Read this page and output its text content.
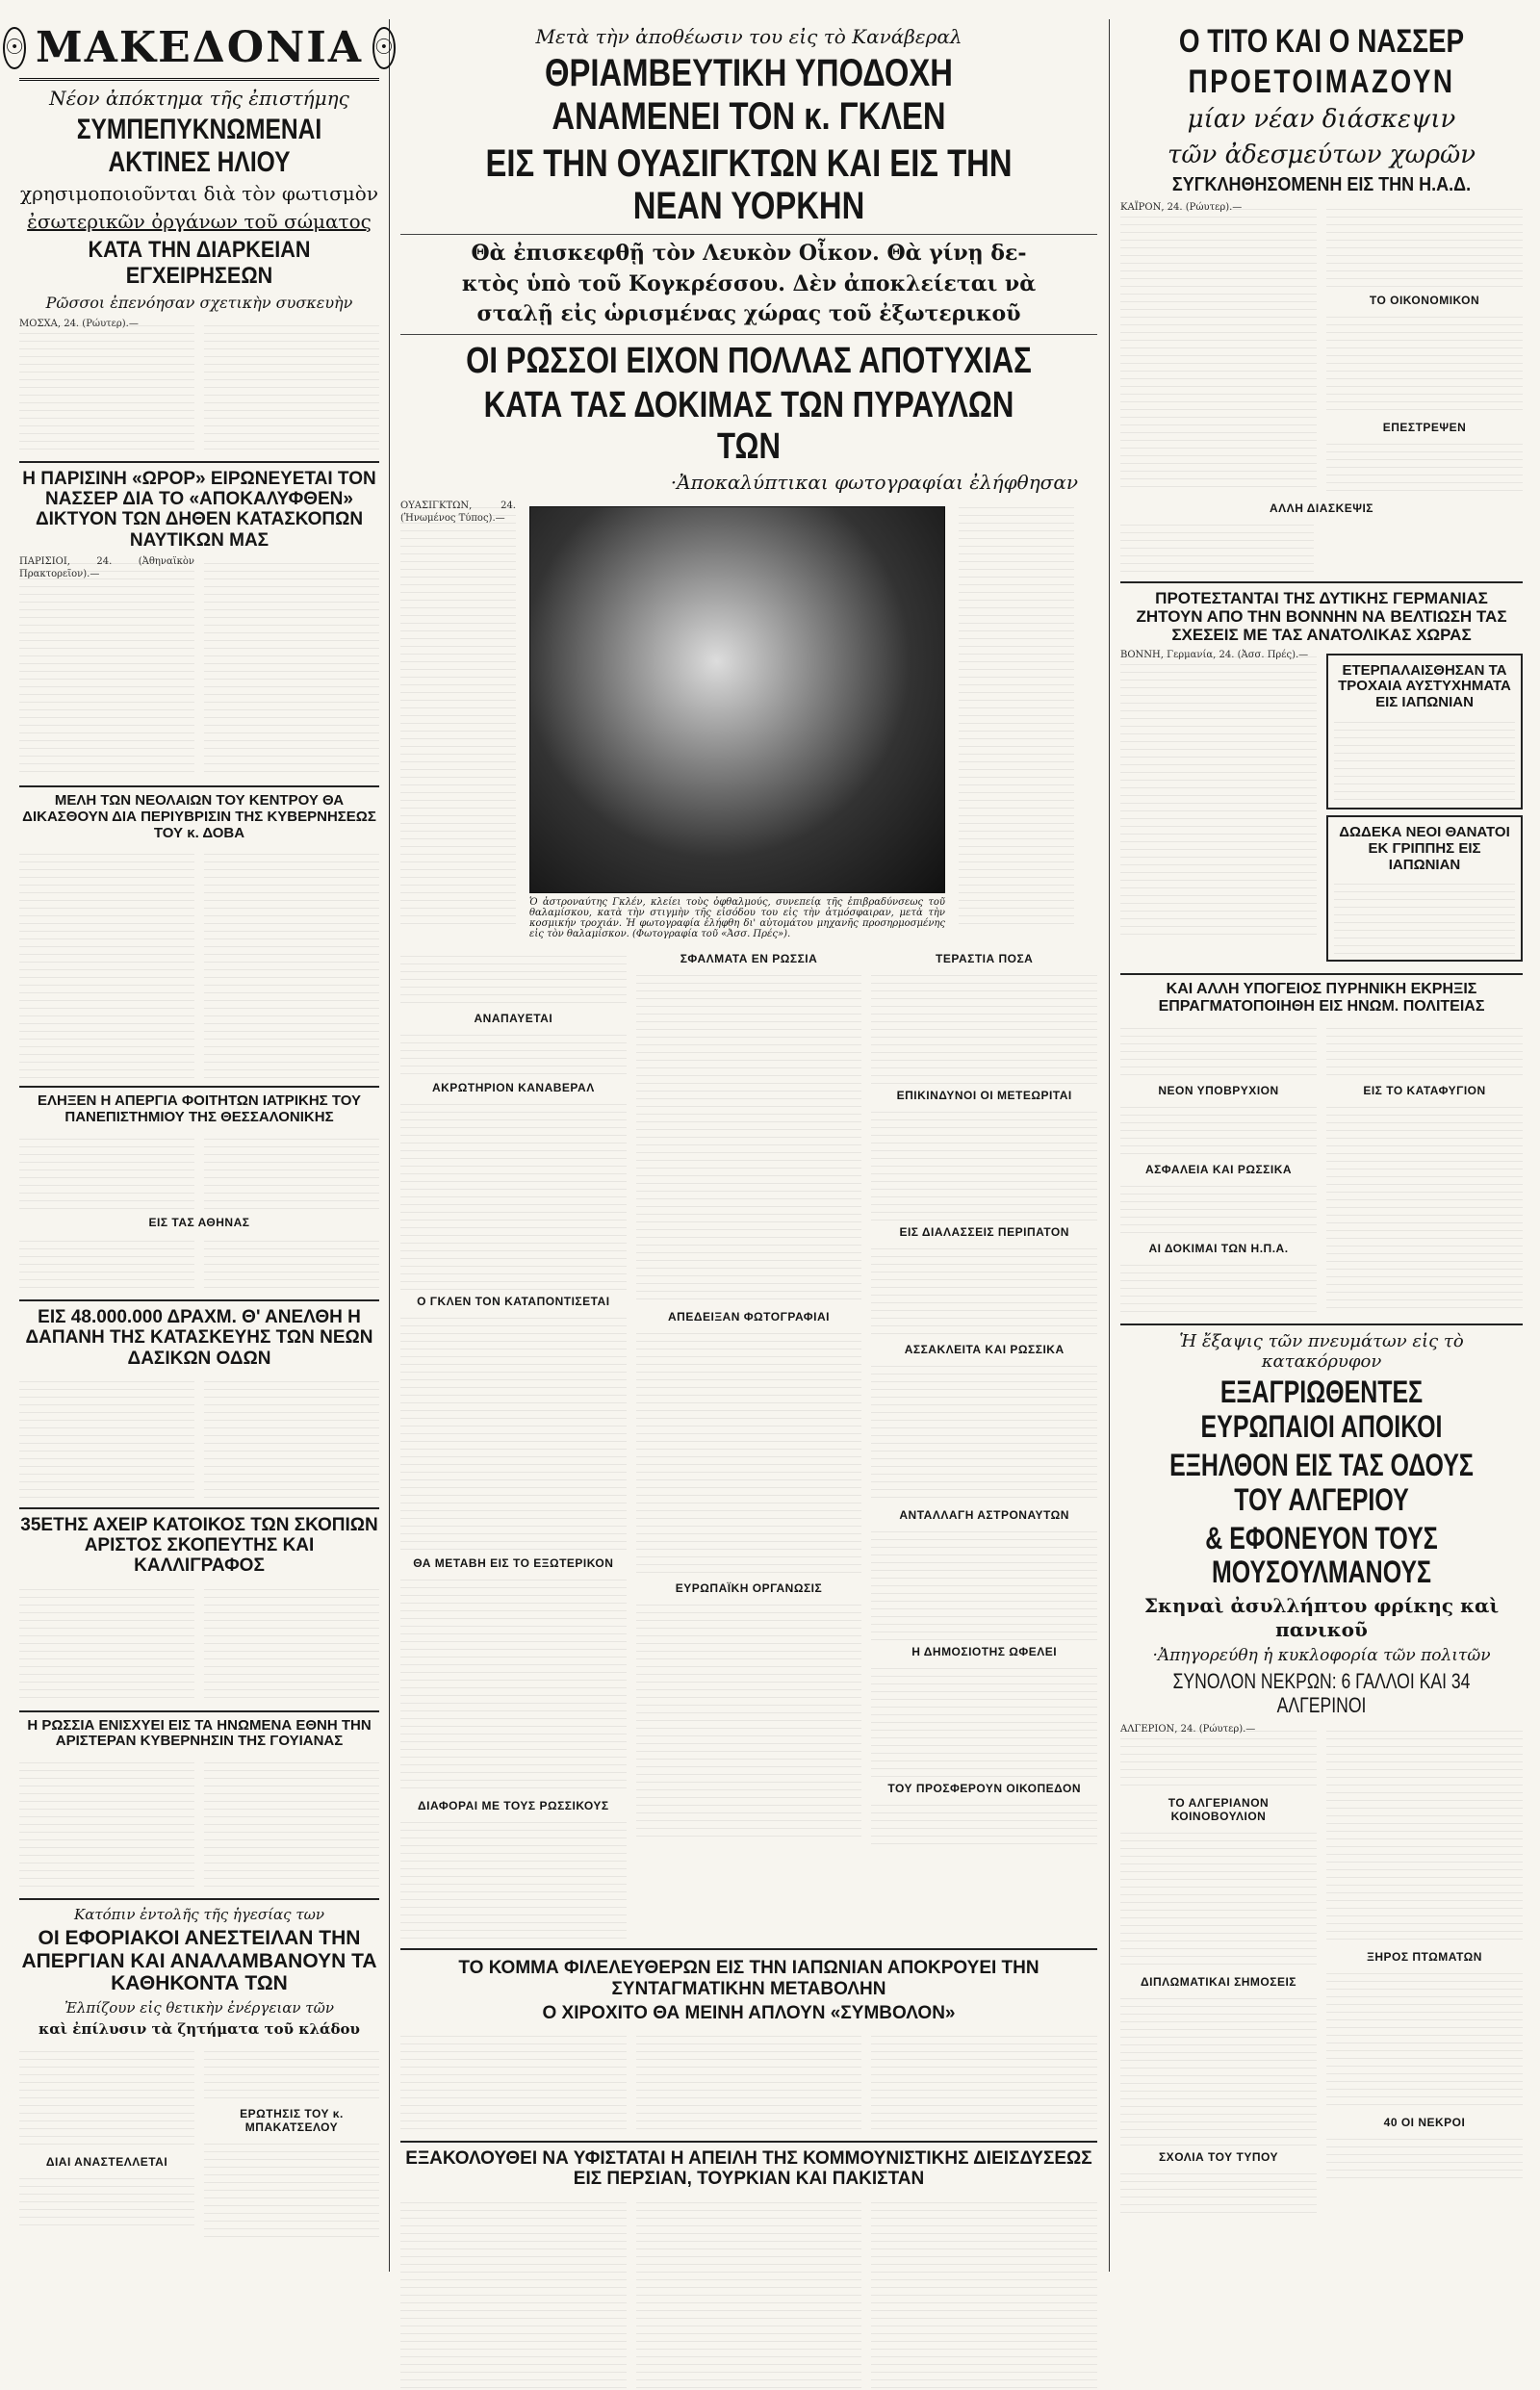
☉ ΜΑΚΕΔΟΝΙΑ ☉
Νέον ἀπόκτημα τῆς ἐπιστήμης
ΣΥΜΠΕΠΥΚΝΩΜΕΝΑΙ ΑΚΤΙΝΕΣ ΗΛΙΟΥ
χρησιμοποιοῦνται διὰ τὸν φωτισμὸν
ἐσωτερικῶν ὀργάνων τοῦ σώματος
ΚΑΤΑ ΤΗΝ ΔΙΑΡΚΕΙΑΝ ΕΓΧΕΙΡΗΣΕΩΝ
Ρῶσσοι ἐπενόησαν σχετικὴν συσκευὴν
ΜΟΣΧΑ, 24. (Ρώυτερ).—
Η ΠΑΡΙΣΙΝΗ «ΩΡΟΡ» ΕΙΡΩΝΕΥΕΤΑΙ ΤΟΝ ΝΑΣΣΕΡ ΔΙΑ ΤΟ «ΑΠΟΚΑΛΥΦΘΕΝ» ΔΙΚΤΥΟΝ ΤΩΝ ΔΗΘΕΝ ΚΑΤΑΣΚΟΠΩΝ ΝΑΥΤΙΚΩΝ ΜΑΣ
ΠΑΡΙΣΙΟΙ, 24. (Ἀθηναϊκὸν Πρακτορεῖον).—
ΜΕΛΗ ΤΩΝ ΝΕΟΛΑΙΩΝ ΤΟΥ ΚΕΝΤΡΟΥ ΘΑ ΔΙΚΑΣΘΟΥΝ ΔΙΑ ΠΕΡΙΥΒΡΙΣΙΝ ΤΗΣ ΚΥΒΕΡΝΗΣΕΩΣ ΤΟΥ κ. ΔΟΒΑ
ΕΛΗΞΕΝ Η ΑΠΕΡΓΙΑ ΦΟΙΤΗΤΩΝ ΙΑΤΡΙΚΗΣ ΤΟΥ ΠΑΝΕΠΙΣΤΗΜΙΟΥ ΤΗΣ ΘΕΣΣΑΛΟΝΙΚΗΣ
ΕΙΣ ΤΑΣ ΑΘΗΝΑΣ
ΕΙΣ 48.000.000 ΔΡΑΧΜ. Θ' ΑΝΕΛΘΗ Η ΔΑΠΑΝΗ ΤΗΣ ΚΑΤΑΣΚΕΥΗΣ ΤΩΝ ΝΕΩΝ ΔΑΣΙΚΩΝ ΟΔΩΝ
35ΕΤΗΣ ΑΧΕΙΡ ΚΑΤΟΙΚΟΣ ΤΩΝ ΣΚΟΠΙΩΝ ΑΡΙΣΤΟΣ ΣΚΟΠΕΥΤΗΣ ΚΑΙ ΚΑΛΛΙΓΡΑΦΟΣ
Η ΡΩΣΣΙΑ ΕΝΙΣΧΥΕΙ ΕΙΣ ΤΑ ΗΝΩΜΕΝΑ ΕΘΝΗ ΤΗΝ ΑΡΙΣΤΕΡΑΝ ΚΥΒΕΡΝΗΣΙΝ ΤΗΣ ΓΟΥΙΑΝΑΣ
Κατόπιν ἐντολῆς τῆς ἡγεσίας των
ΟΙ ΕΦΟΡΙΑΚΟΙ ΑΝΕΣΤΕΙΛΑΝ ΤΗΝ ΑΠΕΡΓΙΑΝ ΚΑΙ ΑΝΑΛΑΜΒΑΝΟΥΝ ΤΑ ΚΑΘΗΚΟΝΤΑ ΤΩΝ
Ἐλπίζουν εἰς θετικὴν ἐνέργειαν τῶν
καὶ ἐπίλυσιν τὰ ζητήματα τοῦ κλάδου
ΔΙΑΙ ΑΝΑΣΤΕΛΛΕΤΑΙ
ΕΡΩΤΗΣΙΣ ΤΟΥ κ. ΜΠΑΚΑΤΣΕΛΟΥ
Μετὰ τὴν ἀποθέωσιν του εἰς τὸ Κανάβεραλ
ΘΡΙΑΜΒΕΥΤΙΚΗ ΥΠΟΔΟΧΗ ΑΝΑΜΕΝΕΙ ΤΟΝ κ. ΓΚΛΕΝ
ΕΙΣ ΤΗΝ ΟΥΑΣΙΓΚΤΩΝ ΚΑΙ ΕΙΣ ΤΗΝ ΝΕΑΝ ΥΟΡΚΗΝ
Θὰ ἐπισκεφθῇ τὸν Λευκὸν Οἶκον. Θὰ γίνῃ δε-
κτὸς ὑπὸ τοῦ Κογκρέσσου. Δὲν ἀποκλείεται νὰ
σταλῇ εἰς ὡρισμένας χώρας τοῦ ἐξωτερικοῦ
ΟΙ ΡΩΣΣΟΙ ΕΙΧΟΝ ΠΟΛΛΑΣ ΑΠΟΤΥΧΙΑΣ
ΚΑΤΑ ΤΑΣ ΔΟΚΙΜΑΣ ΤΩΝ ΠΥΡΑΥΛΩΝ ΤΩΝ
·Ἀποκαλύπτικαι φωτογραφίαι ἐλήφθησαν
ΟΥΑΣΙΓΚΤΩΝ, 24. (Ἡνωμένος Τύπος).—
Ὁ ἀστροναύτης Γκλέν, κλείει τοὺς ὀφθαλμούς, συνεπείᾳ τῆς ἐπιβραδύνσεως τοῦ θαλαμίσκου, κατὰ τὴν στιγμὴν τῆς εἰσόδου του εἰς τὴν ἀτμόσφαιραν, μετὰ τὴν κοσμικήν τροχιάν. Ἡ φωτογραφία ἐλήφθη δι' αὐτομάτου μηχανῆς προσηρμοσμένης εἰς τὸν θαλαμίσκον. (Φωτογραφία τοῦ «Ἀσσ. Πρές»).
ΑΝΑΠΑΥΕΤΑΙ
ΑΚΡΩΤΗΡΙΟΝ ΚΑΝΑΒΕΡΑΛ
Ο ΓΚΛΕΝ ΤΟΝ ΚΑΤΑΠΟΝΤΙΣΕΤΑΙ
ΘΑ ΜΕΤΑΒΗ ΕΙΣ ΤΟ ΕΞΩΤΕΡΙΚΟΝ
ΔΙΑΦΟΡΑΙ ΜΕ ΤΟΥΣ ΡΩΣΣΙΚΟΥΣ
ΣΦΑΛΜΑΤΑ ΕΝ ΡΩΣΣΙΑ
ΑΠΕΔΕΙΞΑΝ ΦΩΤΟΓΡΑΦΙΑΙ
ΕΥΡΩΠΑΪΚΗ ΟΡΓΑΝΩΣΙΣ
ΤΕΡΑΣΤΙΑ ΠΟΣΑ
ΕΠΙΚΙΝΔΥΝΟΙ ΟΙ ΜΕΤΕΩΡΙΤΑΙ
ΕΙΣ ΔΙΑΛΑΣΣΕΙΣ ΠΕΡΙΠΑΤΟΝ
ΑΣΣΑΚΛΕΙΤΑ ΚΑΙ ΡΩΣΣΙΚΑ
ΑΝΤΑΛΛΑΓΗ ΑΣΤΡΟΝΑΥΤΩΝ
Η ΔΗΜΟΣΙΟΤΗΣ ΩΦΕΛΕΙ
ΤΟΥ ΠΡΟΣΦΕΡΟΥΝ ΟΙΚΟΠΕΔΟΝ
ΤΟ ΚΟΜΜΑ ΦΙΛΕΛΕΥΘΕΡΩΝ ΕΙΣ ΤΗΝ ΙΑΠΩΝΙΑΝ ΑΠΟΚΡΟΥΕΙ ΤΗΝ ΣΥΝΤΑΓΜΑΤΙΚΗΝ ΜΕΤΑΒΟΛΗΝ
Ο ΧΙΡΟΧΙΤΟ ΘΑ ΜΕΙΝΗ ΑΠΛΟΥΝ «ΣΥΜΒΟΛΟΝ»
ΕΞΑΚΟΛΟΥΘΕΙ ΝΑ ΥΦΙΣΤΑΤΑΙ Η ΑΠΕΙΛΗ ΤΗΣ ΚΟΜΜΟΥΝΙΣΤΙΚΗΣ ΔΙΕΙΣΔΥΣΕΩΣ ΕΙΣ ΠΕΡΣΙΑΝ, ΤΟΥΡΚΙΑΝ ΚΑΙ ΠΑΚΙΣΤΑΝ
Ο ΤΙΤΟ ΚΑΙ Ο ΝΑΣΣΕΡ
ΠΡΟΕΤΟΙΜΑΖΟΥΝ
μίαν νέαν διάσκεψιν
τῶν ἀδεσμεύτων χωρῶν
ΣΥΓΚΛΗΘΗΣΟΜΕΝΗ ΕΙΣ ΤΗΝ Η.Α.Δ.
ΚΑΪΡΟΝ, 24. (Ρώυτερ).—
ΤΟ ΟΙΚΟΝΟΜΙΚΟΝ
ΕΠΕΣΤΡΕΨΕΝ
ΑΛΛΗ ΔΙΑΣΚΕΨΙΣ
ΠΡΟΤΕΣΤΑΝΤΑΙ ΤΗΣ ΔΥΤΙΚΗΣ ΓΕΡΜΑΝΙΑΣ ΖΗΤΟΥΝ ΑΠΟ ΤΗΝ ΒΟΝΝΗΝ ΝΑ ΒΕΛΤΙΩΣΗ ΤΑΣ ΣΧΕΣΕΙΣ ΜΕ ΤΑΣ ΑΝΑΤΟΛΙΚΑΣ ΧΩΡΑΣ
ΒΟΝΝΗ, Γερμανία, 24. (Ἀσσ. Πρές).—
ΕΤΕΡΠΑΛΑΙΣΘΗΣΑΝ ΤΑ ΤΡΟΧΑΙΑ ΑΥΣΤΥΧΗΜΑΤΑ ΕΙΣ ΙΑΠΩΝΙΑΝ
ΔΩΔΕΚΑ ΝΕΟΙ ΘΑΝΑΤΟΙ ΕΚ ΓΡΙΠΠΗΣ ΕΙΣ ΙΑΠΩΝΙΑΝ
ΚΑΙ ΑΛΛΗ ΥΠΟΓΕΙΟΣ ΠΥΡΗΝΙΚΗ ΕΚΡΗΞΙΣ ΕΠΡΑΓΜΑΤΟΠΟΙΗΘΗ ΕΙΣ ΗΝΩΜ. ΠΟΛΙΤΕΙΑΣ
ΝΕΟΝ ΥΠΟΒΡΥΧΙΟΝ
ΑΣΦΑΛΕΙΑ ΚΑΙ ΡΩΣΣΙΚΑ
ΑΙ ΔΟΚΙΜΑΙ ΤΩΝ Η.Π.Α.
ΕΙΣ ΤΟ ΚΑΤΑΦΥΓΙΟΝ
Ἡ ἔξαψις τῶν πνευμάτων εἰς τὸ κατακόρυφον
ΕΞΑΓΡΙΩΘΕΝΤΕΣ ΕΥΡΩΠΑΙΟΙ ΑΠΟΙΚΟΙ
ΕΞΗΛΘΟΝ ΕΙΣ ΤΑΣ ΟΔΟΥΣ ΤΟΥ ΑΛΓΕΡΙΟΥ
& ΕΦΟΝΕΥΟΝ ΤΟΥΣ ΜΟΥΣΟΥΛΜΑΝΟΥΣ
Σκηναὶ ἀσυλλήπτου φρίκης καὶ πανικοῦ
·Ἀπηγορεύθη ἡ κυκλοφορία τῶν πολιτῶν
ΣΥΝΟΛΟΝ ΝΕΚΡΩΝ: 6 ΓΑΛΛΟΙ ΚΑΙ 34 ΑΛΓΕΡΙΝΟΙ
ΑΛΓΕΡΙΟΝ, 24. (Ρώυτερ).—
ΤΟ ΑΛΓΕΡΙΑΝΟΝ ΚΟΙΝΟΒΟΥΛΙΟΝ
ΔΙΠΛΩΜΑΤΙΚΑΙ ΣΗΜΟΣΕΙΣ
ΣΧΟΛΙΑ ΤΟΥ ΤΥΠΟΥ
ΞΗΡΟΣ ΠΤΩΜΑΤΩΝ
40 ΟΙ ΝΕΚΡΟΙ
